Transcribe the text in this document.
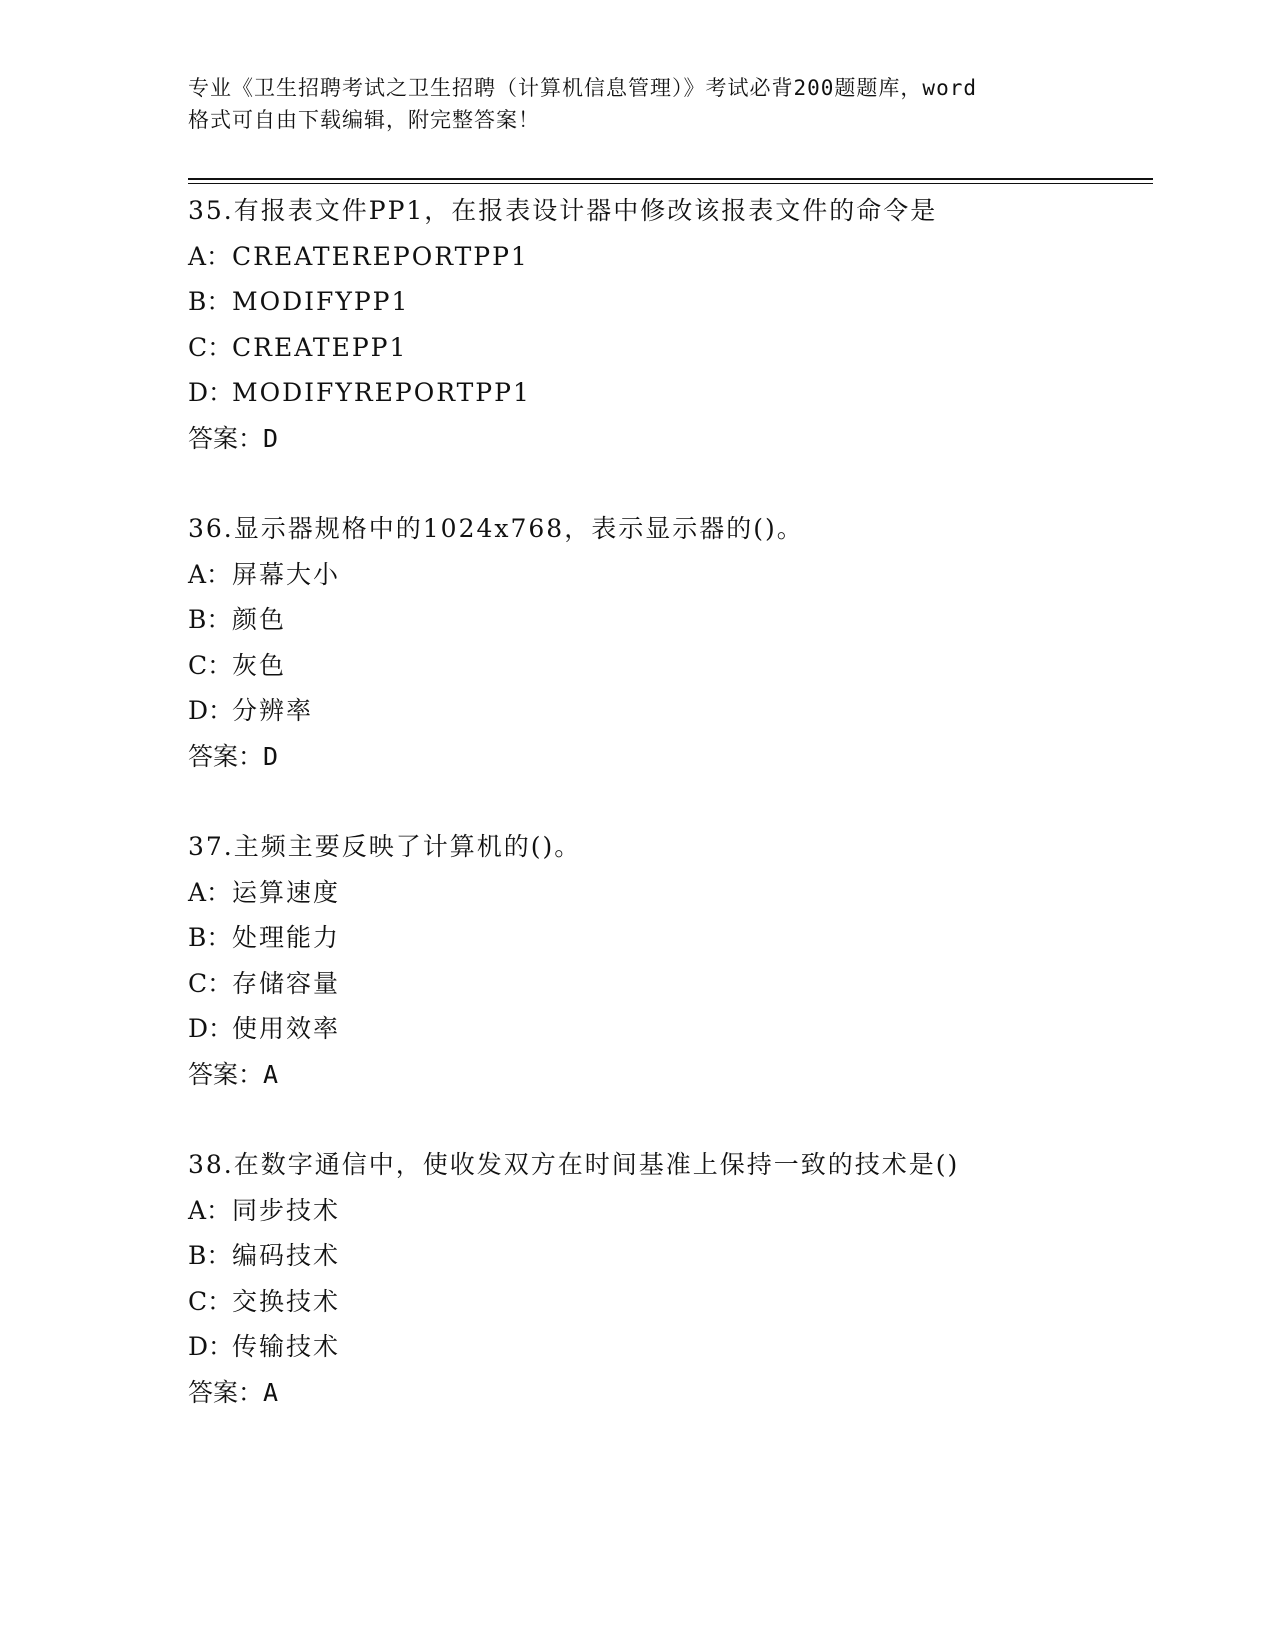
专业《卫生招聘考试之卫生招聘（计算机信息管理）》考试必背200题题库，word
格式可自由下载编辑，附完整答案！
35.有报表文件PP1，在报表设计器中修改该报表文件的命令是
A：CREATEREPORTPP1
B：MODIFYPP1
C：CREATEPP1
D：MODIFYREPORTPP1
答案：D
36.显示器规格中的1024x768，表示显示器的()。
A：屏幕大小
B：颜色
C：灰色
D：分辨率
答案：D
37.主频主要反映了计算机的()。
A：运算速度
B：处理能力
C：存储容量
D：使用效率
答案：A
38.在数字通信中，使收发双方在时间基准上保持一致的技术是()
A：同步技术
B：编码技术
C：交换技术
D：传输技术
答案：A
